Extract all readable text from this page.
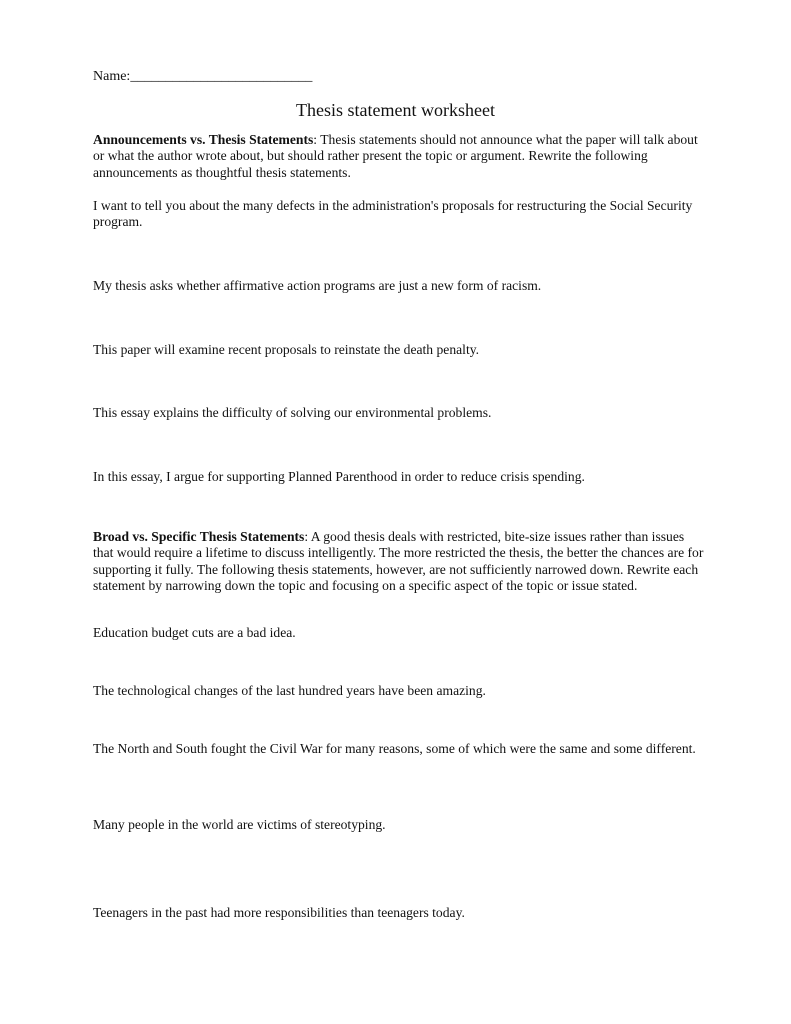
Name:__________________________

Thesis statement worksheet

Announcements vs. Thesis Statements: Thesis statements should not announce what the paper will talk about or what the author wrote about, but should rather present the topic or argument. Rewrite the following announcements as thoughtful thesis statements.

I want to tell you about the many defects in the administration's proposals for restructuring the Social Security program.

My thesis asks whether affirmative action programs are just a new form of racism.

This paper will examine recent proposals to reinstate the death penalty.

This essay explains the difficulty of solving our environmental problems.

In this essay, I argue for supporting Planned Parenthood in order to reduce crisis spending.

Broad vs. Specific Thesis Statements: A good thesis deals with restricted, bite-size issues rather than issues that would require a lifetime to discuss intelligently. The more restricted the thesis, the better the chances are for supporting it fully. The following thesis statements, however, are not sufficiently narrowed down. Rewrite each statement by narrowing down the topic and focusing on a specific aspect of the topic or issue stated.

Education budget cuts are a bad idea.

The technological changes of the last hundred years have been amazing.

The North and South fought the Civil War for many reasons, some of which were the same and some different.

Many people in the world are victims of stereotyping.

Teenagers in the past had more responsibilities than teenagers today.
